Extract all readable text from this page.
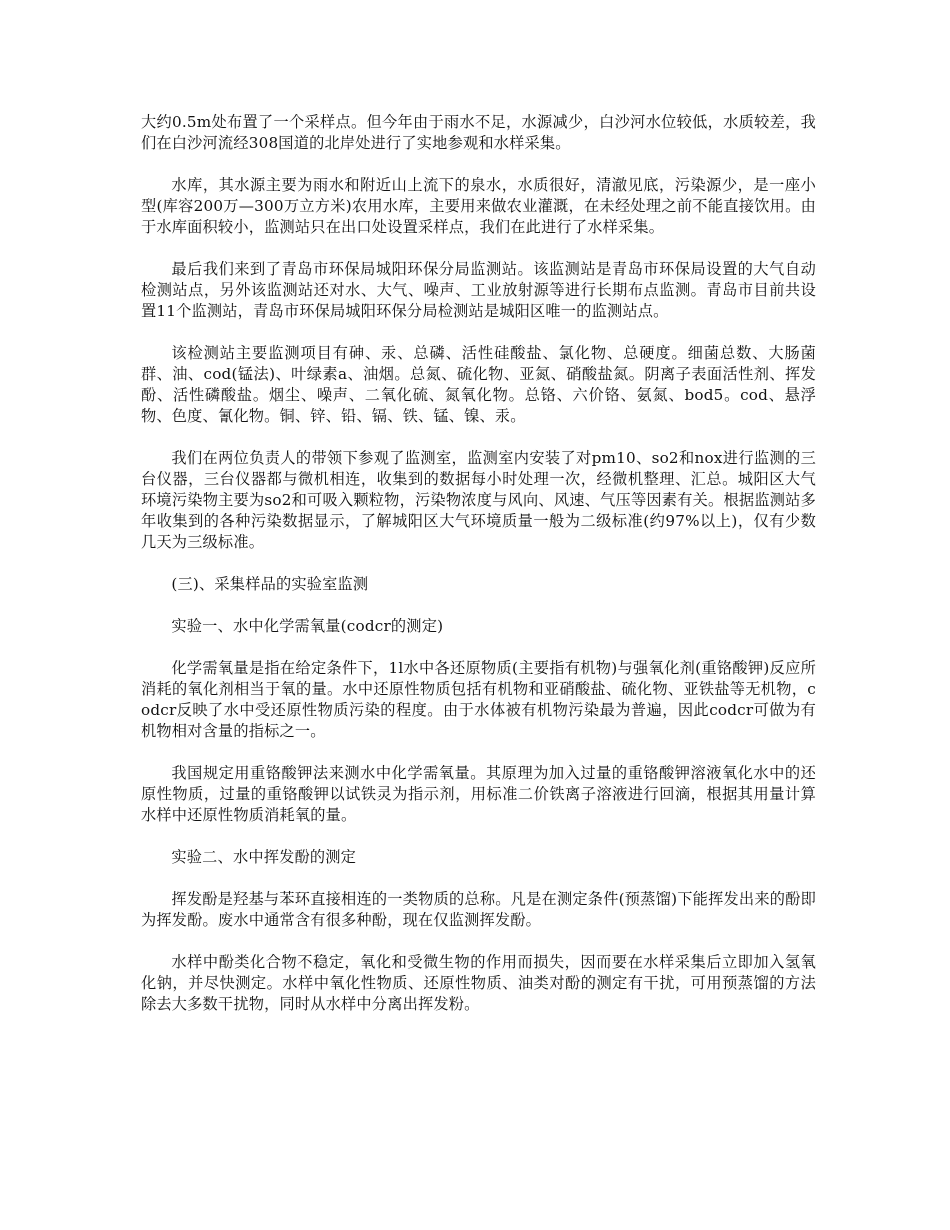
大约0.5m处布置了一个采样点。但今年由于雨水不足，水源减少，白沙河水位较低，水质较差，我们在白沙河流经308国道的北岸处进行了实地参观和水样采集。

水库，其水源主要为雨水和附近山上流下的泉水，水质很好，清澈见底，污染源少，是一座小型(库容200万—300万立方米)农用水库，主要用来做农业灌溉，在未经处理之前不能直接饮用。由于水库面积较小，监测站只在出口处设置采样点，我们在此进行了水样采集。

最后我们来到了青岛市环保局城阳环保分局监测站。该监测站是青岛市环保局设置的大气自动检测站点，另外该监测站还对水、大气、噪声、工业放射源等进行长期布点监测。青岛市目前共设置11个监测站，青岛市环保局城阳环保分局检测站是城阳区唯一的监测站点。

该检测站主要监测项目有砷、汞、总磷、活性硅酸盐、氯化物、总硬度。细菌总数、大肠菌群、油、cod(锰法)、叶绿素a、油烟。总氮、硫化物、亚氮、硝酸盐氮。阴离子表面活性剂、挥发酚、活性磷酸盐。烟尘、噪声、二氧化硫、氮氧化物。总铬、六价铬、氨氮、bod5。cod、悬浮物、色度、氰化物。铜、锌、铅、镉、铁、锰、镍、汞。

我们在两位负责人的带领下参观了监测室，监测室内安装了对pm10、so2和nox进行监测的三台仪器，三台仪器都与微机相连，收集到的数据每小时处理一次，经微机整理、汇总。城阳区大气环境污染物主要为so2和可吸入颗粒物，污染物浓度与风向、风速、气压等因素有关。根据监测站多年收集到的各种污染数据显示，了解城阳区大气环境质量一般为二级标准(约97%以上)，仅有少数几天为三级标准。

(三)、采集样品的实验室监测

实验一、水中化学需氧量(codcr的测定)

化学需氧量是指在给定条件下，1l水中各还原物质(主要指有机物)与强氧化剂(重铬酸钾)反应所消耗的氧化剂相当于氧的量。水中还原性物质包括有机物和亚硝酸盐、硫化物、亚铁盐等无机物，codcr反映了水中受还原性物质污染的程度。由于水体被有机物污染最为普遍，因此codcr可做为有机物相对含量的指标之一。

我国规定用重铬酸钾法来测水中化学需氧量。其原理为加入过量的重铬酸钾溶液氧化水中的还原性物质，过量的重铬酸钾以试铁灵为指示剂，用标准二价铁离子溶液进行回滴，根据其用量计算水样中还原性物质消耗氧的量。

实验二、水中挥发酚的测定

挥发酚是羟基与苯环直接相连的一类物质的总称。凡是在测定条件(预蒸馏)下能挥发出来的酚即为挥发酚。废水中通常含有很多种酚，现在仅监测挥发酚。

水样中酚类化合物不稳定，氧化和受微生物的作用而损失，因而要在水样采集后立即加入氢氧化钠，并尽快测定。水样中氧化性物质、还原性物质、油类对酚的测定有干扰，可用预蒸馏的方法除去大多数干扰物，同时从水样中分离出挥发粉。
